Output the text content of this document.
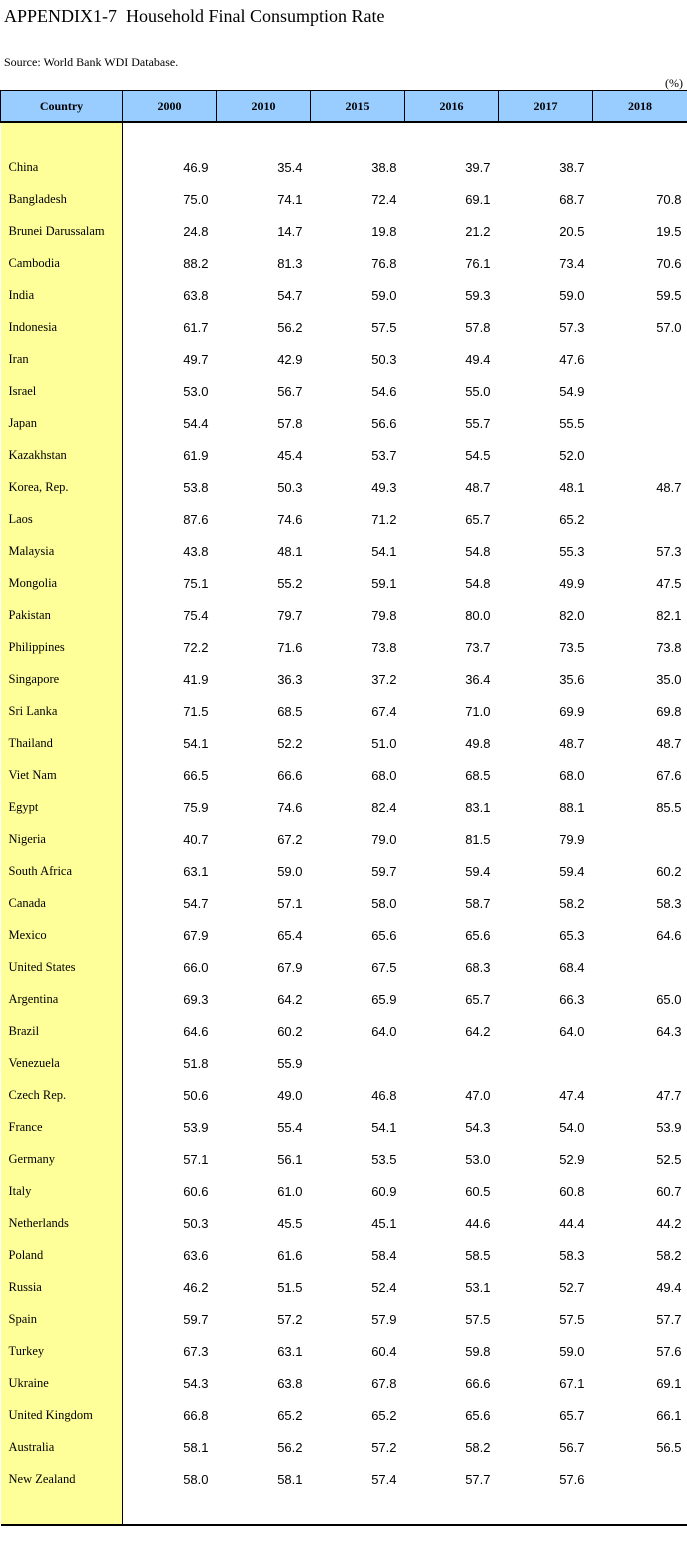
APPENDIX1-7  Household Final Consumption Rate
Source: World Bank WDI Database.
(%)
Country	2000	2010	2015	2016	2017	2018

China	46.9	35.4	38.8	39.7	38.7	
Bangladesh	75.0	74.1	72.4	69.1	68.7	70.8
Brunei Darussalam	24.8	14.7	19.8	21.2	20.5	19.5
Cambodia	88.2	81.3	76.8	76.1	73.4	70.6
India	63.8	54.7	59.0	59.3	59.0	59.5
Indonesia	61.7	56.2	57.5	57.8	57.3	57.0
Iran	49.7	42.9	50.3	49.4	47.6	
Israel	53.0	56.7	54.6	55.0	54.9	
Japan	54.4	57.8	56.6	55.7	55.5	
Kazakhstan	61.9	45.4	53.7	54.5	52.0	
Korea, Rep.	53.8	50.3	49.3	48.7	48.1	48.7
Laos	87.6	74.6	71.2	65.7	65.2	
Malaysia	43.8	48.1	54.1	54.8	55.3	57.3
Mongolia	75.1	55.2	59.1	54.8	49.9	47.5
Pakistan	75.4	79.7	79.8	80.0	82.0	82.1
Philippines	72.2	71.6	73.8	73.7	73.5	73.8
Singapore	41.9	36.3	37.2	36.4	35.6	35.0
Sri Lanka	71.5	68.5	67.4	71.0	69.9	69.8
Thailand	54.1	52.2	51.0	49.8	48.7	48.7
Viet Nam	66.5	66.6	68.0	68.5	68.0	67.6
Egypt	75.9	74.6	82.4	83.1	88.1	85.5
Nigeria	40.7	67.2	79.0	81.5	79.9	
South Africa	63.1	59.0	59.7	59.4	59.4	60.2
Canada	54.7	57.1	58.0	58.7	58.2	58.3
Mexico	67.9	65.4	65.6	65.6	65.3	64.6
United States	66.0	67.9	67.5	68.3	68.4	
Argentina	69.3	64.2	65.9	65.7	66.3	65.0
Brazil	64.6	60.2	64.0	64.2	64.0	64.3
Venezuela	51.8	55.9				
Czech Rep.	50.6	49.0	46.8	47.0	47.4	47.7
France	53.9	55.4	54.1	54.3	54.0	53.9
Germany	57.1	56.1	53.5	53.0	52.9	52.5
Italy	60.6	61.0	60.9	60.5	60.8	60.7
Netherlands	50.3	45.5	45.1	44.6	44.4	44.2
Poland	63.6	61.6	58.4	58.5	58.3	58.2
Russia	46.2	51.5	52.4	53.1	52.7	49.4
Spain	59.7	57.2	57.9	57.5	57.5	57.7
Turkey	67.3	63.1	60.4	59.8	59.0	57.6
Ukraine	54.3	63.8	67.8	66.6	67.1	69.1
United Kingdom	66.8	65.2	65.2	65.6	65.7	66.1
Australia	58.1	56.2	57.2	58.2	56.7	56.5
New Zealand	58.0	58.1	57.4	57.7	57.6	
